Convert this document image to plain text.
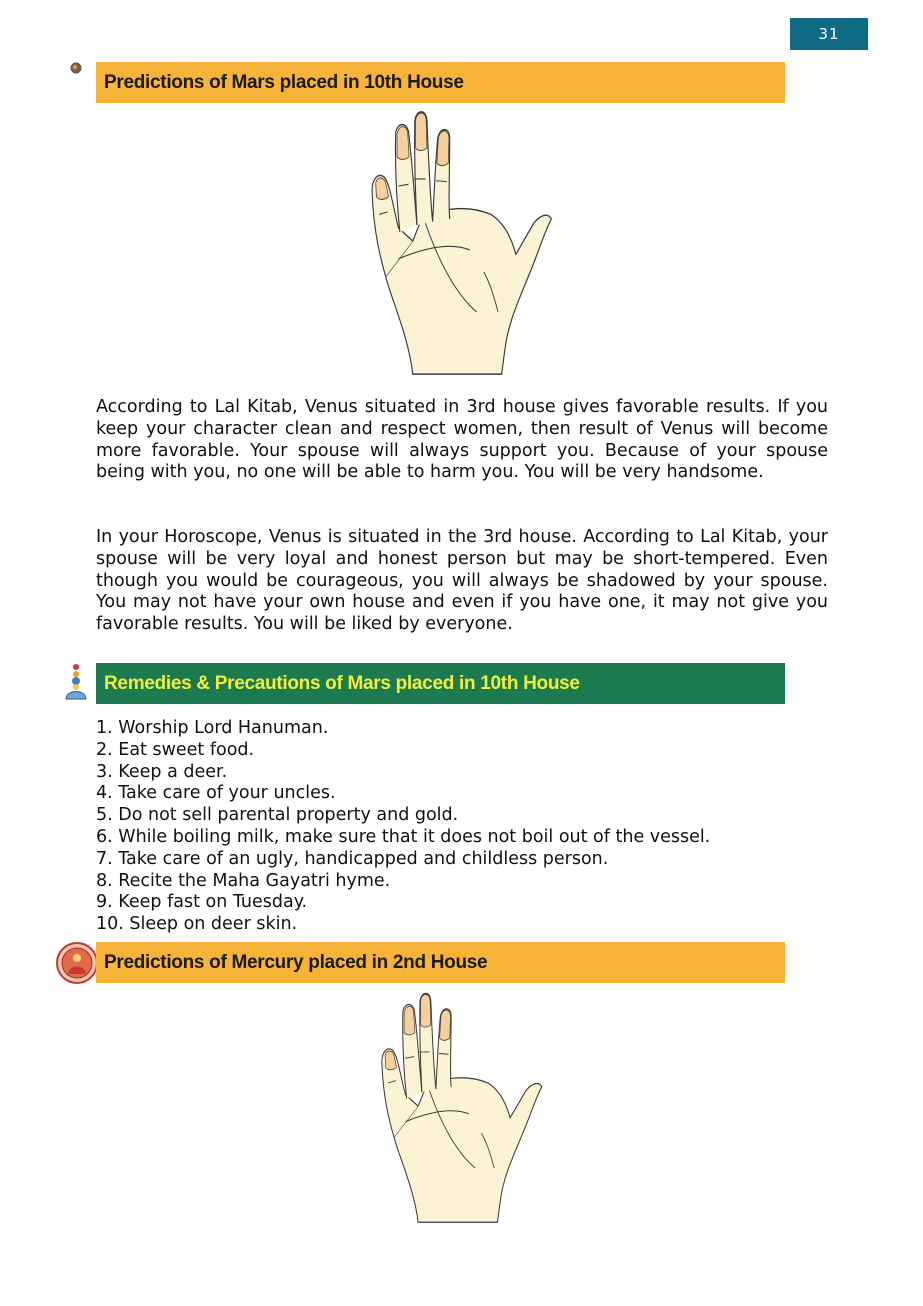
31
Predictions of Mars placed in 10th House

According to Lal Kitab, Venus situated in 3rd house gives favorable results. If you keep your character clean and respect women, then result of Venus will become more favorable. Your spouse will always support you. Because of your spouse being with you, no one will be able to harm you. You will be very handsome.

In your Horoscope, Venus is situated in the 3rd house. According to Lal Kitab, your spouse will be very loyal and honest person but may be short-tempered. Even though you would be courageous, you will always be shadowed by your spouse. You may not have your own house and even if you have one, it may not give you favorable results. You will be liked by everyone.

Remedies & Precautions of Mars placed in 10th House
1. Worship Lord Hanuman.
2. Eat sweet food.
3. Keep a deer.
4. Take care of your uncles.
5. Do not sell parental property and gold.
6. While boiling milk, make sure that it does not boil out of the vessel.
7. Take care of an ugly, handicapped and childless person.
8. Recite the Maha Gayatri hyme.
9. Keep fast on Tuesday.
10. Sleep on deer skin.
Predictions of Mercury placed in 2nd House
